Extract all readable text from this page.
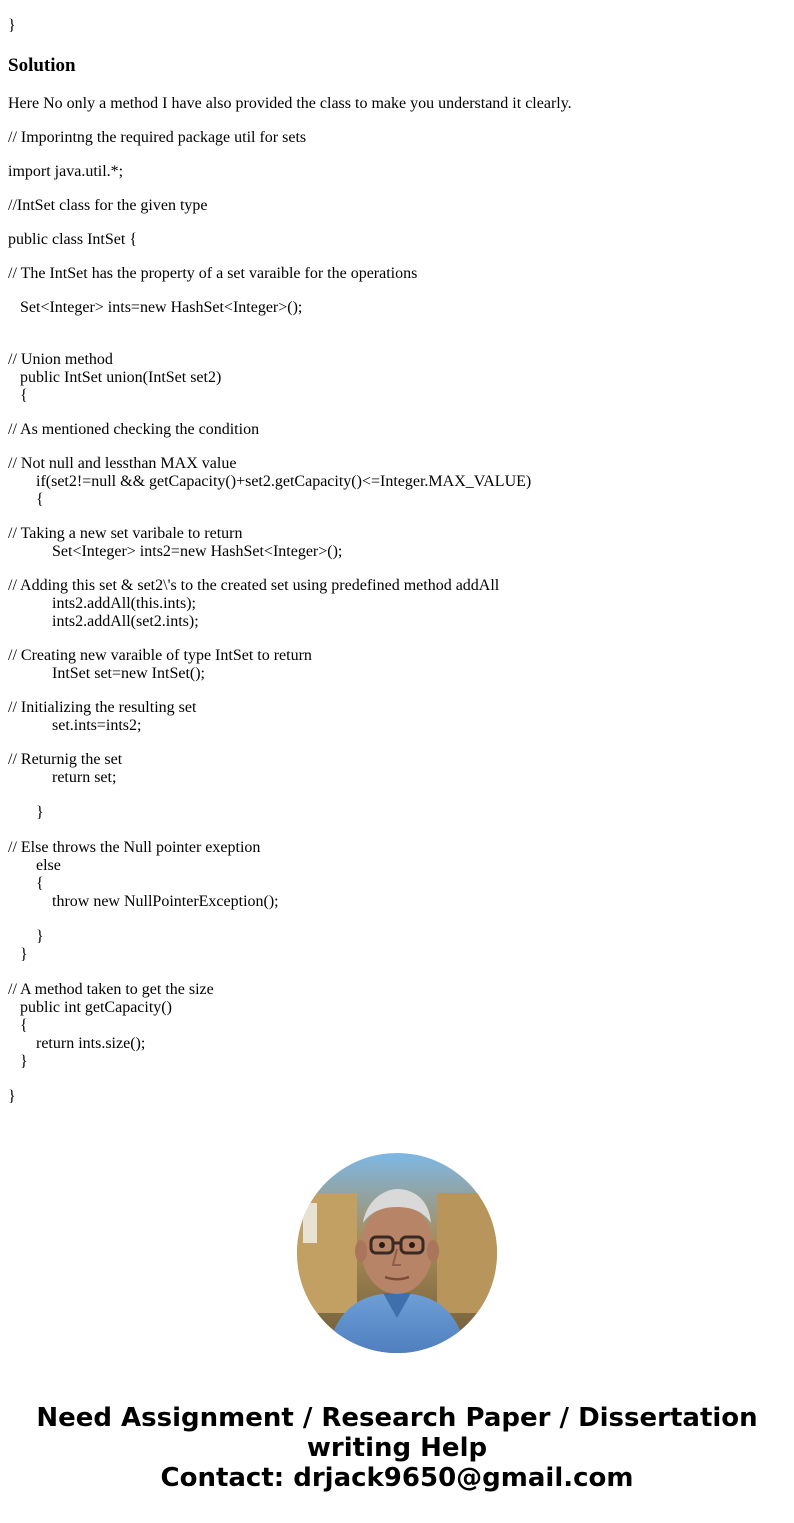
}
Solution
Here No only a method I have also provided the class to make you understand it clearly.
// Imporintng the required package util for sets
import java.util.*;
//IntSet class for the given type
public class IntSet {
// The IntSet has the property of a set varaible for the operations
Set<Integer> ints=new HashSet<Integer>();
// Union method
public IntSet union(IntSet set2)
{
// As mentioned checking the condition
// Not null and lessthan MAX value
if(set2!=null && getCapacity()+set2.getCapacity()<=Integer.MAX_VALUE)
{
// Taking a new set varibale to return
Set<Integer> ints2=new HashSet<Integer>();
// Adding this set & set2\'s to the created set using predefined method addAll
ints2.addAll(this.ints);
ints2.addAll(set2.ints);
// Creating new varaible of type IntSet to return
IntSet set=new IntSet();
// Initializing the resulting set
set.ints=ints2;
// Returnig the set
return set;
}
// Else throws the Null pointer exeption
else
{
throw new NullPointerException();
}
}
// A method taken to get the size
public int getCapacity()
{
return ints.size();
}
}
Need Assignment / Research Paper / Dissertation
writing Help
Contact: drjack9650@gmail.com
